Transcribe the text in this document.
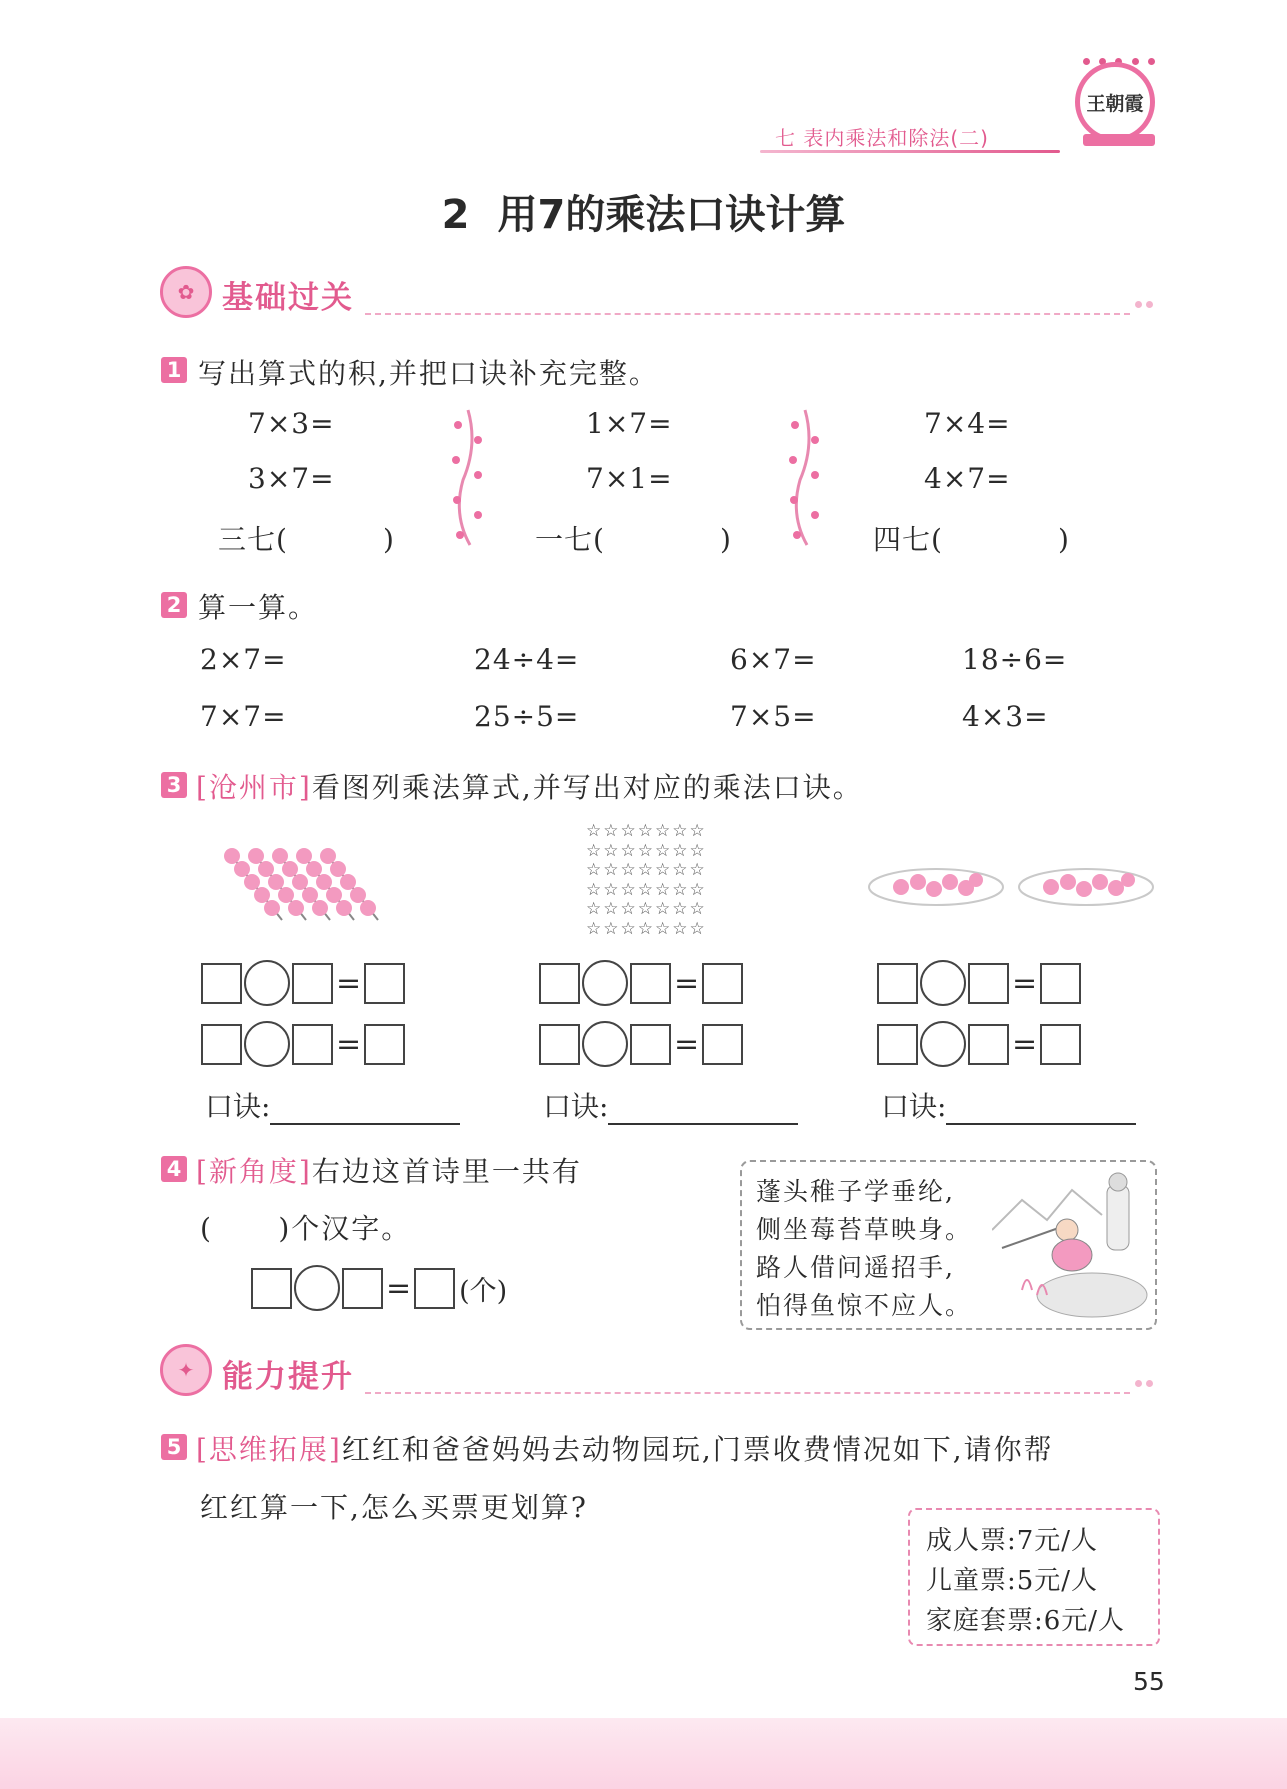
王朝霞
七 表内乘法和除法(二)
2 用7的乘法口诀计算
✿ 基础过关
1 写出算式的积,并把口诀补充完整。
7×3=
3×7=
三七(	)
1×7=
7×1=
一七(	)
7×4=
4×7=
四七(	)
2 算一算。
2×7=	24÷4=	6×7=	18÷6=
7×7=	25÷5=	7×5=	4×3=
3 [沧州市]看图列乘法算式,并写出对应的乘法口诀。
☆☆☆☆☆☆☆
☆☆☆☆☆☆☆
☆☆☆☆☆☆☆
☆☆☆☆☆☆☆
☆☆☆☆☆☆☆
☆☆☆☆☆☆☆
=
=
口诀:
=
=
口诀:
=
=
口诀:
4 [新角度]右边这首诗里一共有
(      )个汉字。
= (个)
蓬头稚子学垂纶,
侧坐莓苔草映身。
路人借问遥招手,
怕得鱼惊不应人。
✦ 能力提升
5 [思维拓展]红红和爸爸妈妈去动物园玩,门票收费情况如下,请你帮
红红算一下,怎么买票更划算?
成人票:7元/人
儿童票:5元/人
家庭套票:6元/人
55
